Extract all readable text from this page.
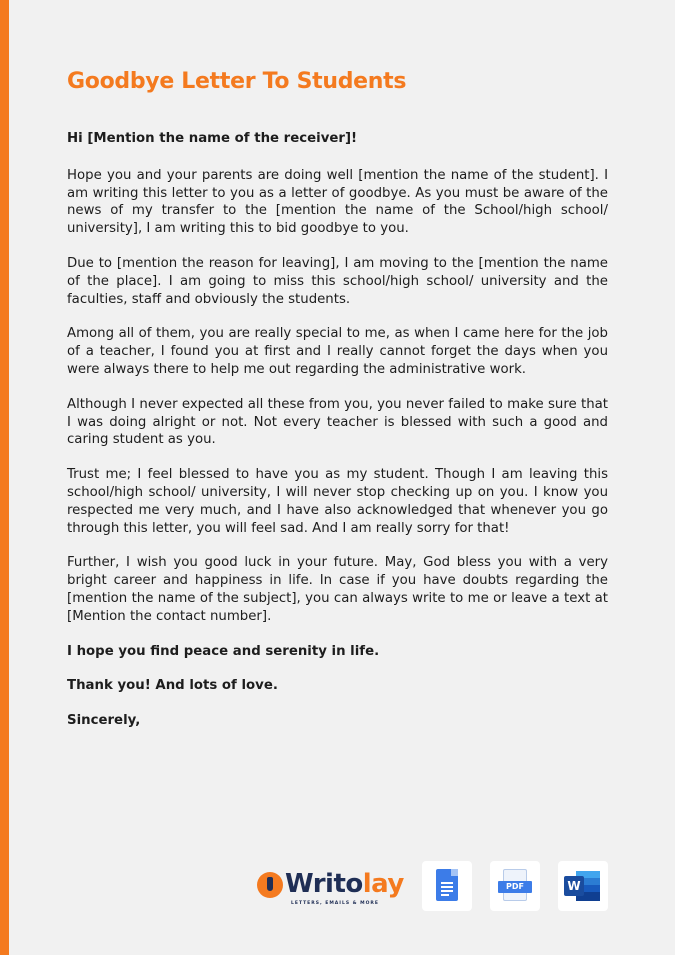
Goodbye Letter To Students

Hi [Mention the name of the receiver]!

Hope you and your parents are doing well [mention the name of the student]. I am writing this letter to you as a letter of goodbye. As you must be aware of the news of my transfer to the [mention the name of the School/high school/ university], I am writing this to bid goodbye to you.

Due to [mention the reason for leaving], I am moving to the [mention the name of the place]. I am going to miss this school/high school/ university and the faculties, staff and obviously the students.

Among all of them, you are really special to me, as when I came here for the job of a teacher, I found you at first and I really cannot forget the days when you were always there to help me out regarding the administrative work.

Although I never expected all these from you, you never failed to make sure that I was doing alright or not. Not every teacher is blessed with such a good and caring student as you.

Trust me; I feel blessed to have you as my student. Though I am leaving this school/high school/ university, I will never stop checking up on you. I know you respected me very much, and I have also acknowledged that whenever you go through this letter, you will feel sad. And I am really sorry for that!

Further, I wish you good luck in your future. May, God bless you with a very bright career and happiness in life. In case if you have doubts regarding the [mention the name of the subject], you can always write to me or leave a text at [Mention the contact number].

I hope you find peace and serenity in life.

Thank you! And lots of love.

Sincerely,

Writolay
LETTERS, EMAILS & MORE
PDF	W
